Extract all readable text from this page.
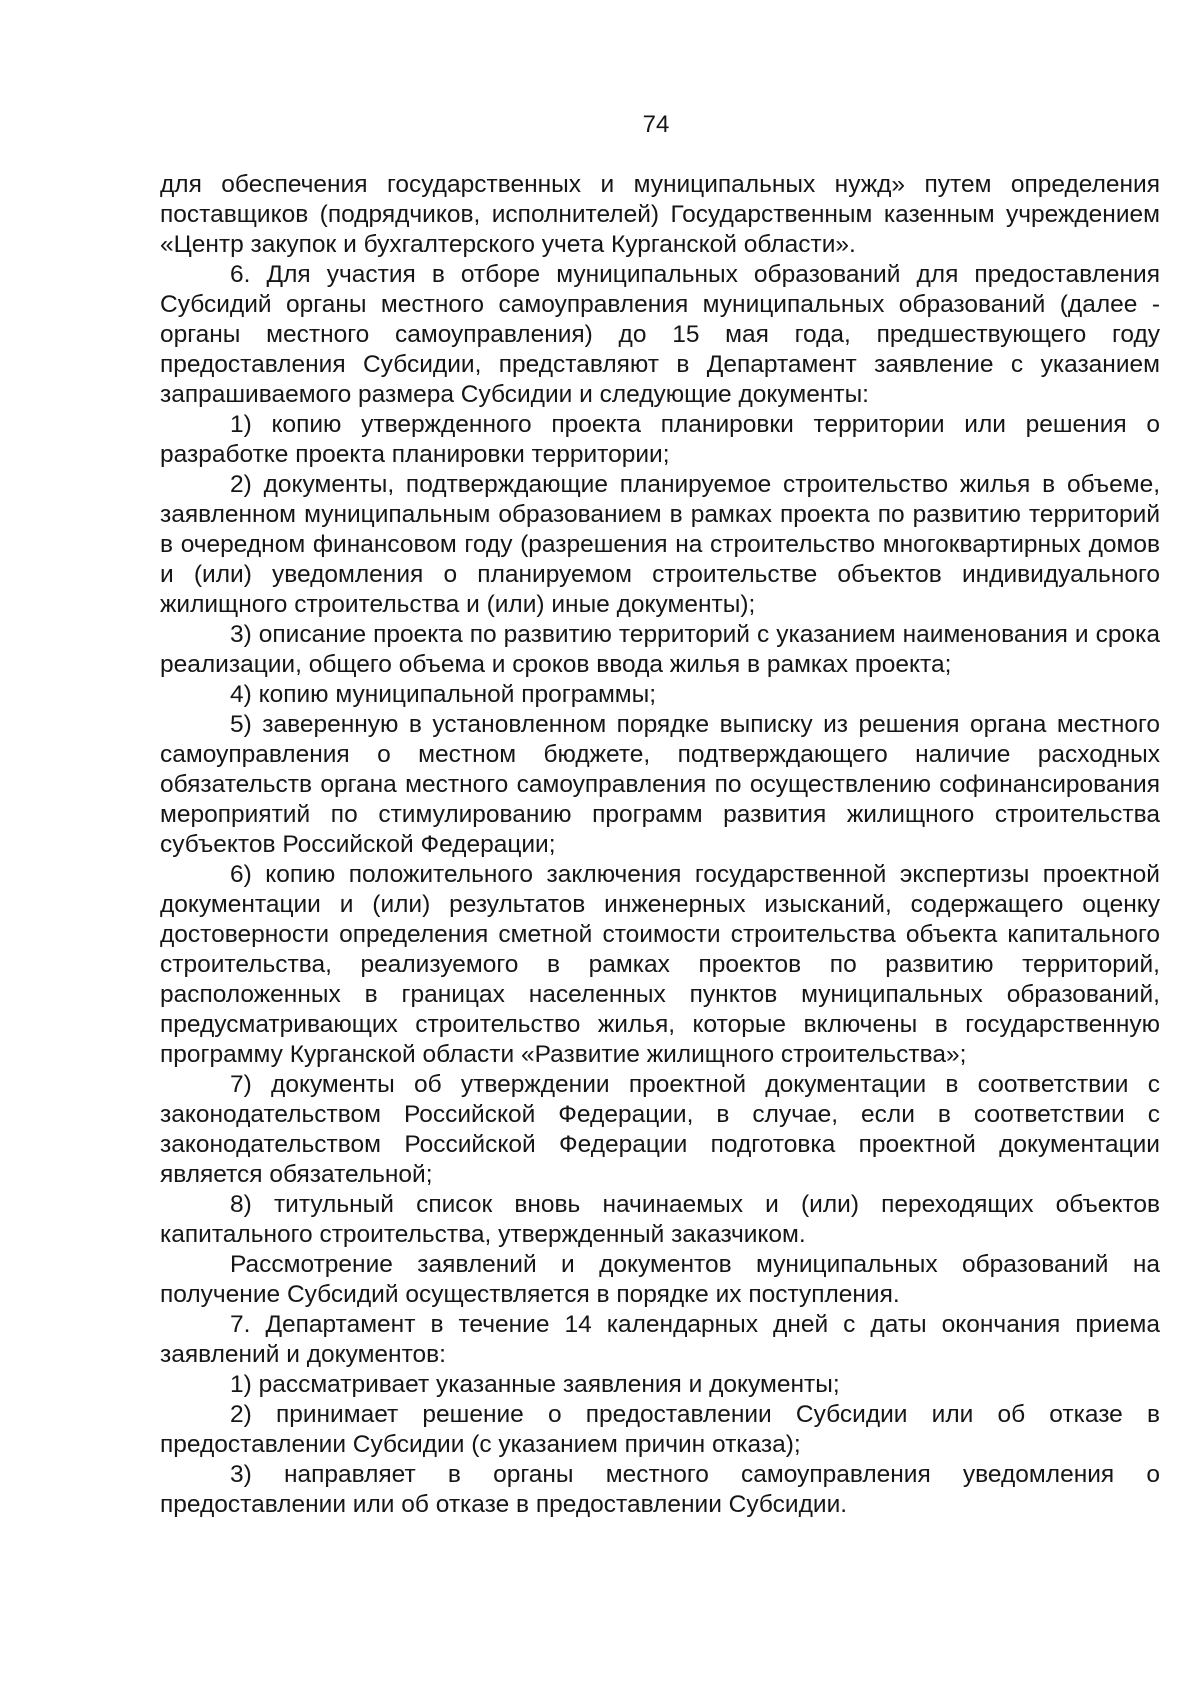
74

для обеспечения государственных и муниципальных нужд» путем определения поставщиков (подрядчиков, исполнителей) Государственным казенным учреждением «Центр закупок и бухгалтерского учета Курганской области».

6. Для участия в отборе муниципальных образований для предоставления Субсидий органы местного самоуправления муниципальных образований (далее - органы местного самоуправления) до 15 мая года, предшествующего году предоставления Субсидии, представляют в Департамент заявление с указанием запрашиваемого размера Субсидии и следующие документы:

1) копию утвержденного проекта планировки территории или решения о разработке проекта планировки территории;

2) документы, подтверждающие планируемое строительство жилья в объеме, заявленном муниципальным образованием в рамках проекта по развитию территорий в очередном финансовом году (разрешения на строительство многоквартирных домов и (или) уведомления о планируемом строительстве объектов индивидуального жилищного строительства и (или) иные документы);

3) описание проекта по развитию территорий с указанием наименования и срока реализации, общего объема и сроков ввода жилья в рамках проекта;

4) копию муниципальной программы;

5) заверенную в установленном порядке выписку из решения органа местного самоуправления о местном бюджете, подтверждающего наличие расходных обязательств органа местного самоуправления по осуществлению софинансирования мероприятий по стимулированию программ развития жилищного строительства субъектов Российской Федерации;

6) копию положительного заключения государственной экспертизы проектной документации и (или) результатов инженерных изысканий, содержащего оценку достоверности определения сметной стоимости строительства объекта капитального строительства, реализуемого в рамках проектов по развитию территорий, расположенных в границах населенных пунктов муниципальных образований, предусматривающих строительство жилья, которые включены в государственную программу Курганской области «Развитие жилищного строительства»;

7) документы об утверждении проектной документации в соответствии с законодательством Российской Федерации, в случае, если в соответствии с законодательством Российской Федерации подготовка проектной документации является обязательной;

8) титульный список вновь начинаемых и (или) переходящих объектов капитального строительства, утвержденный заказчиком.

Рассмотрение заявлений и документов муниципальных образований на получение Субсидий осуществляется в порядке их поступления.

7. Департамент в течение 14 календарных дней с даты окончания приема заявлений и документов:

1) рассматривает указанные заявления и документы;

2) принимает решение о предоставлении Субсидии или об отказе в предоставлении Субсидии (с указанием причин отказа);

3) направляет в органы местного самоуправления уведомления о предоставлении или об отказе в предоставлении Субсидии.
